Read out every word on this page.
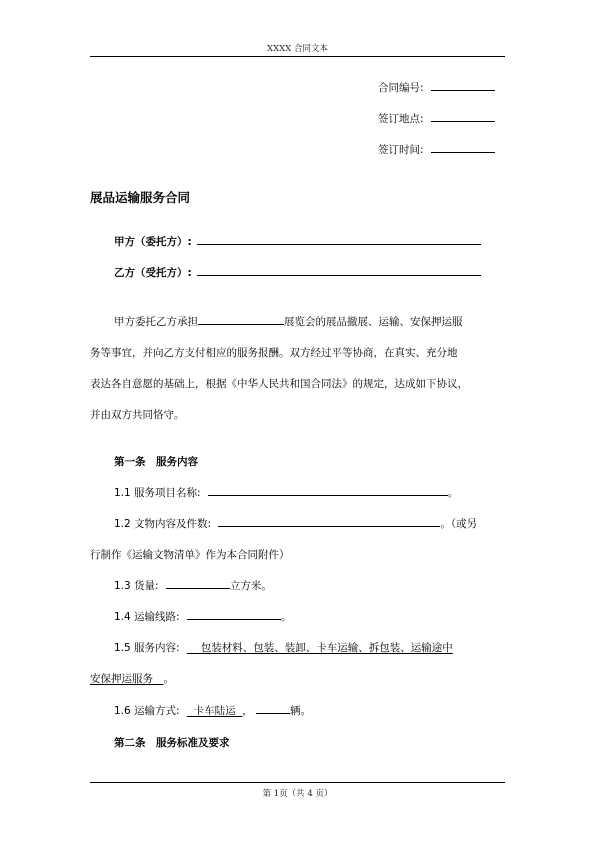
XXXX 合同文本
合同编号:
签订地点:
签订时间:
展品运输服务合同
甲方（委托方）:
乙方（受托方）:
甲方委托乙方承担	展览会的展品撤展、运输、安保押运服
务等事宜，并向乙方支付相应的服务报酬。双方经过平等协商，在真实、充分地
表达各自意愿的基础上，根据《中华人民共和国合同法》的规定，达成如下协议，
并由双方共同恪守。
第一条　服务内容
1.1 服务项目名称:	。
1.2 文物内容及件数:	。（或另
行制作《运输文物清单》作为本合同附件）
1.3 货量:	立方米。
1.4 运输线路:	。
1.5 服务内容: 　 包装材料、包装、装卸、卡车运输、拆包装、运输途中
安保押运服务　。
1.6 运输方式:   卡车陆运  ，	辆。
第二条　服务标准及要求
第 1页（共 4 页）
